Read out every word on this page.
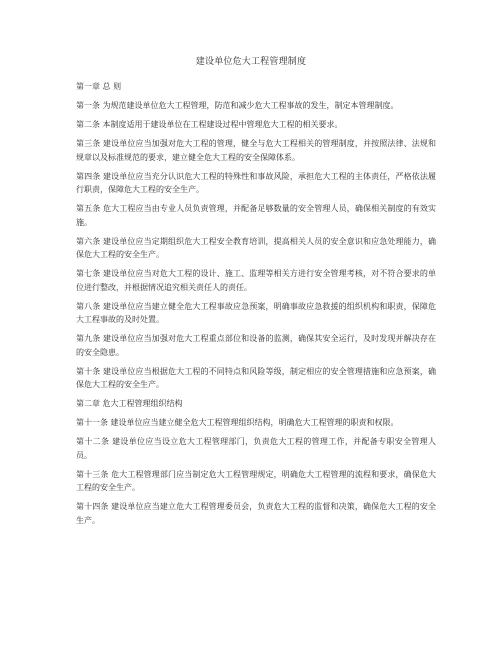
建设单位危大工程管理制度
第一章 总 则
第一条 为规范建设单位危大工程管理，防范和减少危大工程事故的发生，制定本管理制度。
第二条 本制度适用于建设单位在工程建设过程中管理危大工程的相关要求。
第三条 建设单位应当加强对危大工程的管理，健全与危大工程相关的管理制度，并按照法律、法规和规章以及标准规范的要求，建立健全危大工程的安全保障体系。
第四条 建设单位应当充分认识危大工程的特殊性和事故风险，承担危大工程的主体责任，严格依法履行职责，保障危大工程的安全生产。
第五条 危大工程应当由专业人员负责管理，并配备足够数量的安全管理人员，确保相关制度的有效实施。
第六条 建设单位应当定期组织危大工程安全教育培训，提高相关人员的安全意识和应急处理能力，确保危大工程的安全生产。
第七条 建设单位应当对危大工程的设计、施工、监理等相关方进行安全管理考核，对不符合要求的单位进行整改，并根据情况追究相关责任人的责任。
第八条 建设单位应当建立健全危大工程事故应急预案，明确事故应急救援的组织机构和职责，保障危大工程事故的及时处置。
第九条 建设单位应当加强对危大工程重点部位和设备的监测，确保其安全运行，及时发现并解决存在的安全隐患。
第十条 建设单位应当根据危大工程的不同特点和风险等级，制定相应的安全管理措施和应急预案，确保危大工程的安全生产。
第二章 危大工程管理组织结构
第十一条 建设单位应当建立健全危大工程管理组织结构，明确危大工程管理的职责和权限。
第十二条 建设单位应当设立危大工程管理部门，负责危大工程的管理工作，并配备专职安全管理人员。
第十三条 危大工程管理部门应当制定危大工程管理规定，明确危大工程管理的流程和要求，确保危大工程的安全生产。
第十四条 建设单位应当建立危大工程管理委员会，负责危大工程的监督和决策，确保危大工程的安全生产。
